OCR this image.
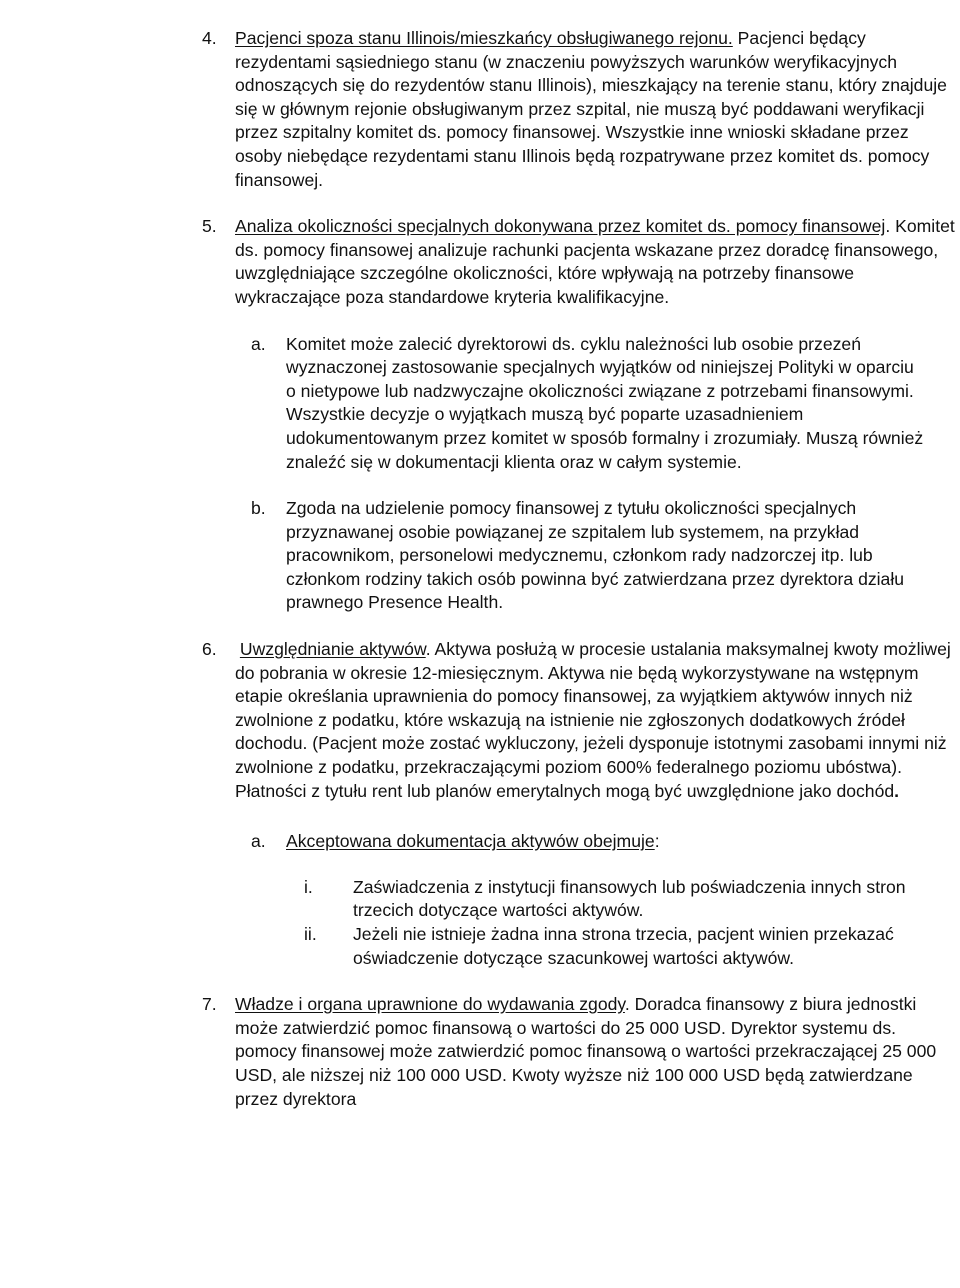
4. Pacjenci spoza stanu Illinois/mieszkańcy obsługiwanego rejonu. Pacjenci będący rezydentami sąsiedniego stanu (w znaczeniu powyższych warunków weryfikacyjnych odnoszących się do rezydentów stanu Illinois), mieszkający na terenie stanu, który znajduje się w głównym rejonie obsługiwanym przez szpital, nie muszą być poddawani weryfikacji przez szpitalny komitet ds. pomocy finansowej. Wszystkie inne wnioski składane przez osoby niebędące rezydentami stanu Illinois będą rozpatrywane przez komitet ds. pomocy finansowej.
5. Analiza okoliczności specjalnych dokonywana przez komitet ds. pomocy finansowej. Komitet ds. pomocy finansowej analizuje rachunki pacjenta wskazane przez doradcę finansowego, uwzględniające szczególne okoliczności, które wpływają na potrzeby finansowe wykraczające poza standardowe kryteria kwalifikacyjne.
a. Komitet może zalecić dyrektorowi ds. cyklu należności lub osobie przezeń wyznaczonej zastosowanie specjalnych wyjątków od niniejszej Polityki w oparciu o nietypowe lub nadzwyczajne okoliczności związane z potrzebami finansowymi. Wszystkie decyzje o wyjątkach muszą być poparte uzasadnieniem udokumentowanym przez komitet w sposób formalny i zrozumiały. Muszą również znaleźć się w dokumentacji klienta oraz w całym systemie.
b. Zgoda na udzielenie pomocy finansowej z tytułu okoliczności specjalnych przyznawanej osobie powiązanej ze szpitalem lub systemem, na przykład pracownikom, personelowi medycznemu, członkom rady nadzorczej itp. lub członkom rodziny takich osób powinna być zatwierdzana przez dyrektora działu prawnego Presence Health.
6. Uwzględnianie aktywów. Aktywa posłużą w procesie ustalania maksymalnej kwoty możliwej do pobrania w okresie 12-miesięcznym. Aktywa nie będą wykorzystywane na wstępnym etapie określania uprawnienia do pomocy finansowej, za wyjątkiem aktywów innych niż zwolnione z podatku, które wskazują na istnienie nie zgłoszonych dodatkowych źródeł dochodu. (Pacjent może zostać wykluczony, jeżeli dysponuje istotnymi zasobami innymi niż zwolnione z podatku, przekraczającymi poziom 600% federalnego poziomu ubóstwa). Płatności z tytułu rent lub planów emerytalnych mogą być uwzględnione jako dochód.
a. Akceptowana dokumentacja aktywów obejmuje:
i. Zaświadczenia z instytucji finansowych lub poświadczenia innych stron trzecich dotyczące wartości aktywów.
ii. Jeżeli nie istnieje żadna inna strona trzecia, pacjent winien przekazać oświadczenie dotyczące szacunkowej wartości aktywów.
7. Władze i organa uprawnione do wydawania zgody. Doradca finansowy z biura jednostki może zatwierdzić pomoc finansową o wartości do 25 000 USD. Dyrektor systemu ds. pomocy finansowej może zatwierdzić pomoc finansową o wartości przekraczającej 25 000 USD, ale niższej niż 100 000 USD. Kwoty wyższe niż 100 000 USD będą zatwierdzane przez dyrektora
